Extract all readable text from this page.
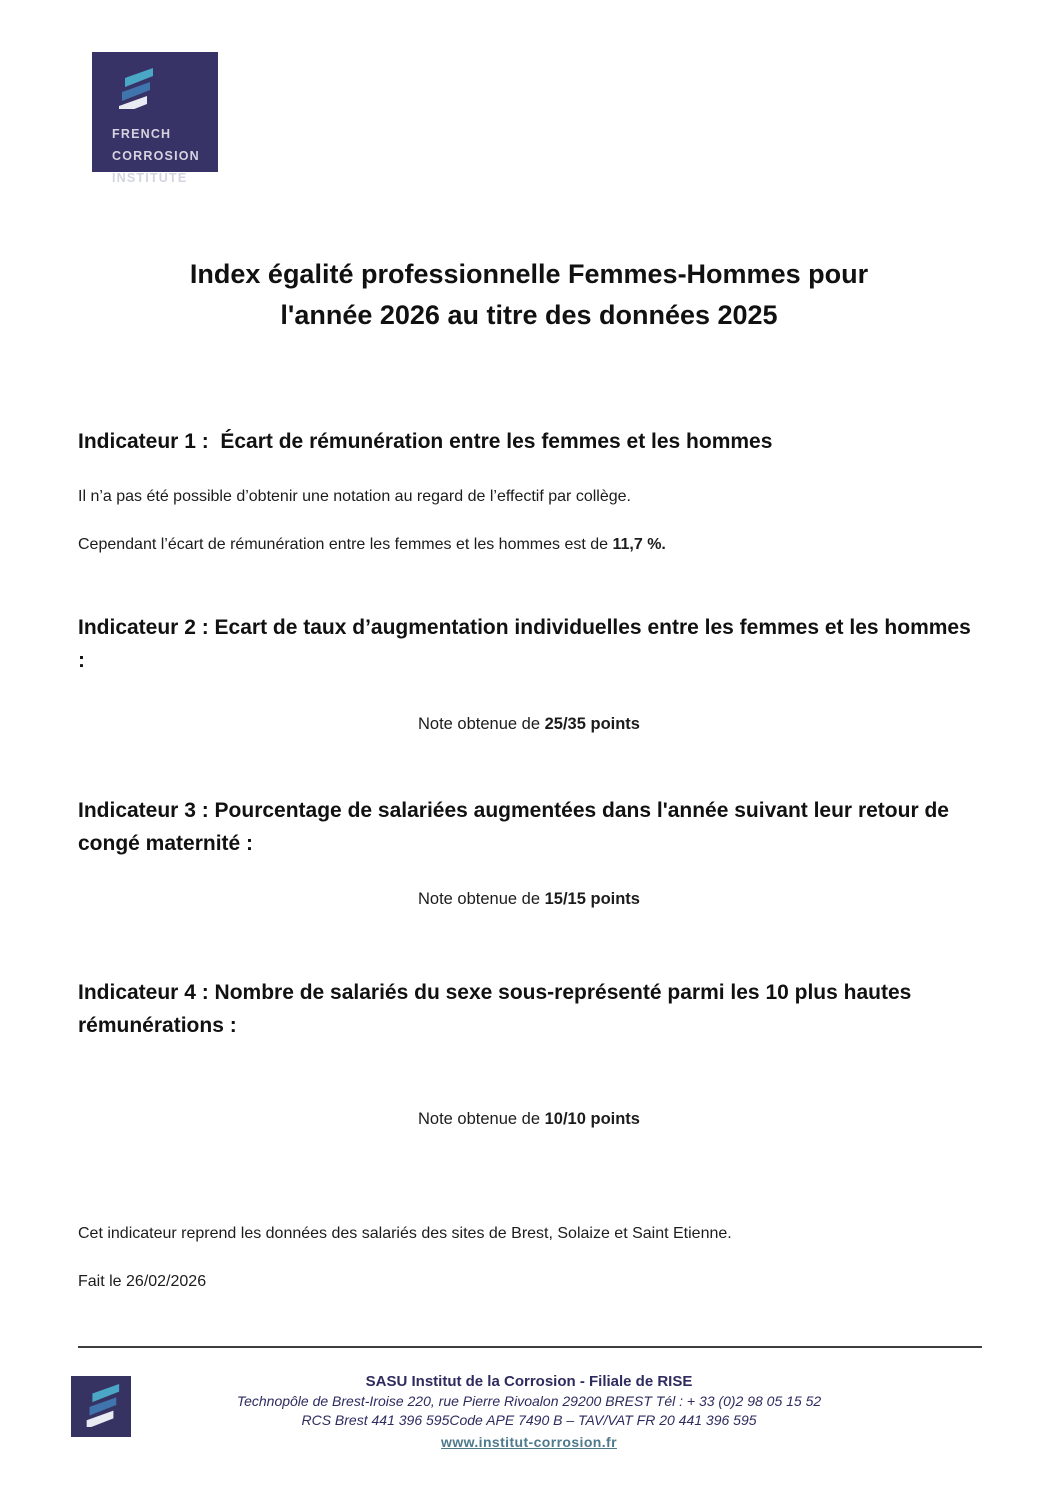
FRENCH
CORROSION
INSTITUTE
Index égalité professionnelle Femmes-Hommes pour
l'année 2026 au titre des données 2025
Indicateur 1 :  Écart de rémunération entre les femmes et les hommes

Il n’a pas été possible d’obtenir une notation au regard de l’effectif par collège.

Cependant l’écart de rémunération entre les femmes et les hommes est de 11,7 %.

Indicateur 2 : Ecart de taux d’augmentation individuelles entre les femmes et les hommes :

Note obtenue de 25/35 points

Indicateur 3 : Pourcentage de salariées augmentées dans l'année suivant leur retour de congé maternité :

Note obtenue de 15/15 points

Indicateur 4 : Nombre de salariés du sexe sous-représenté parmi les 10 plus hautes rémunérations :

Note obtenue de 10/10 points

Cet indicateur reprend les données des salariés des sites de Brest, Solaize et Saint Etienne.

Fait le 26/02/2026

SASU Institut de la Corrosion - Filiale de RISE
Technopôle de Brest-Iroise 220, rue Pierre Rivoalon 29200 BREST Tél : + 33 (0)2 98 05 15 52
RCS Brest 441 396 595Code APE 7490 B – TAV/VAT FR 20 441 396 595
www.institut-corrosion.fr
